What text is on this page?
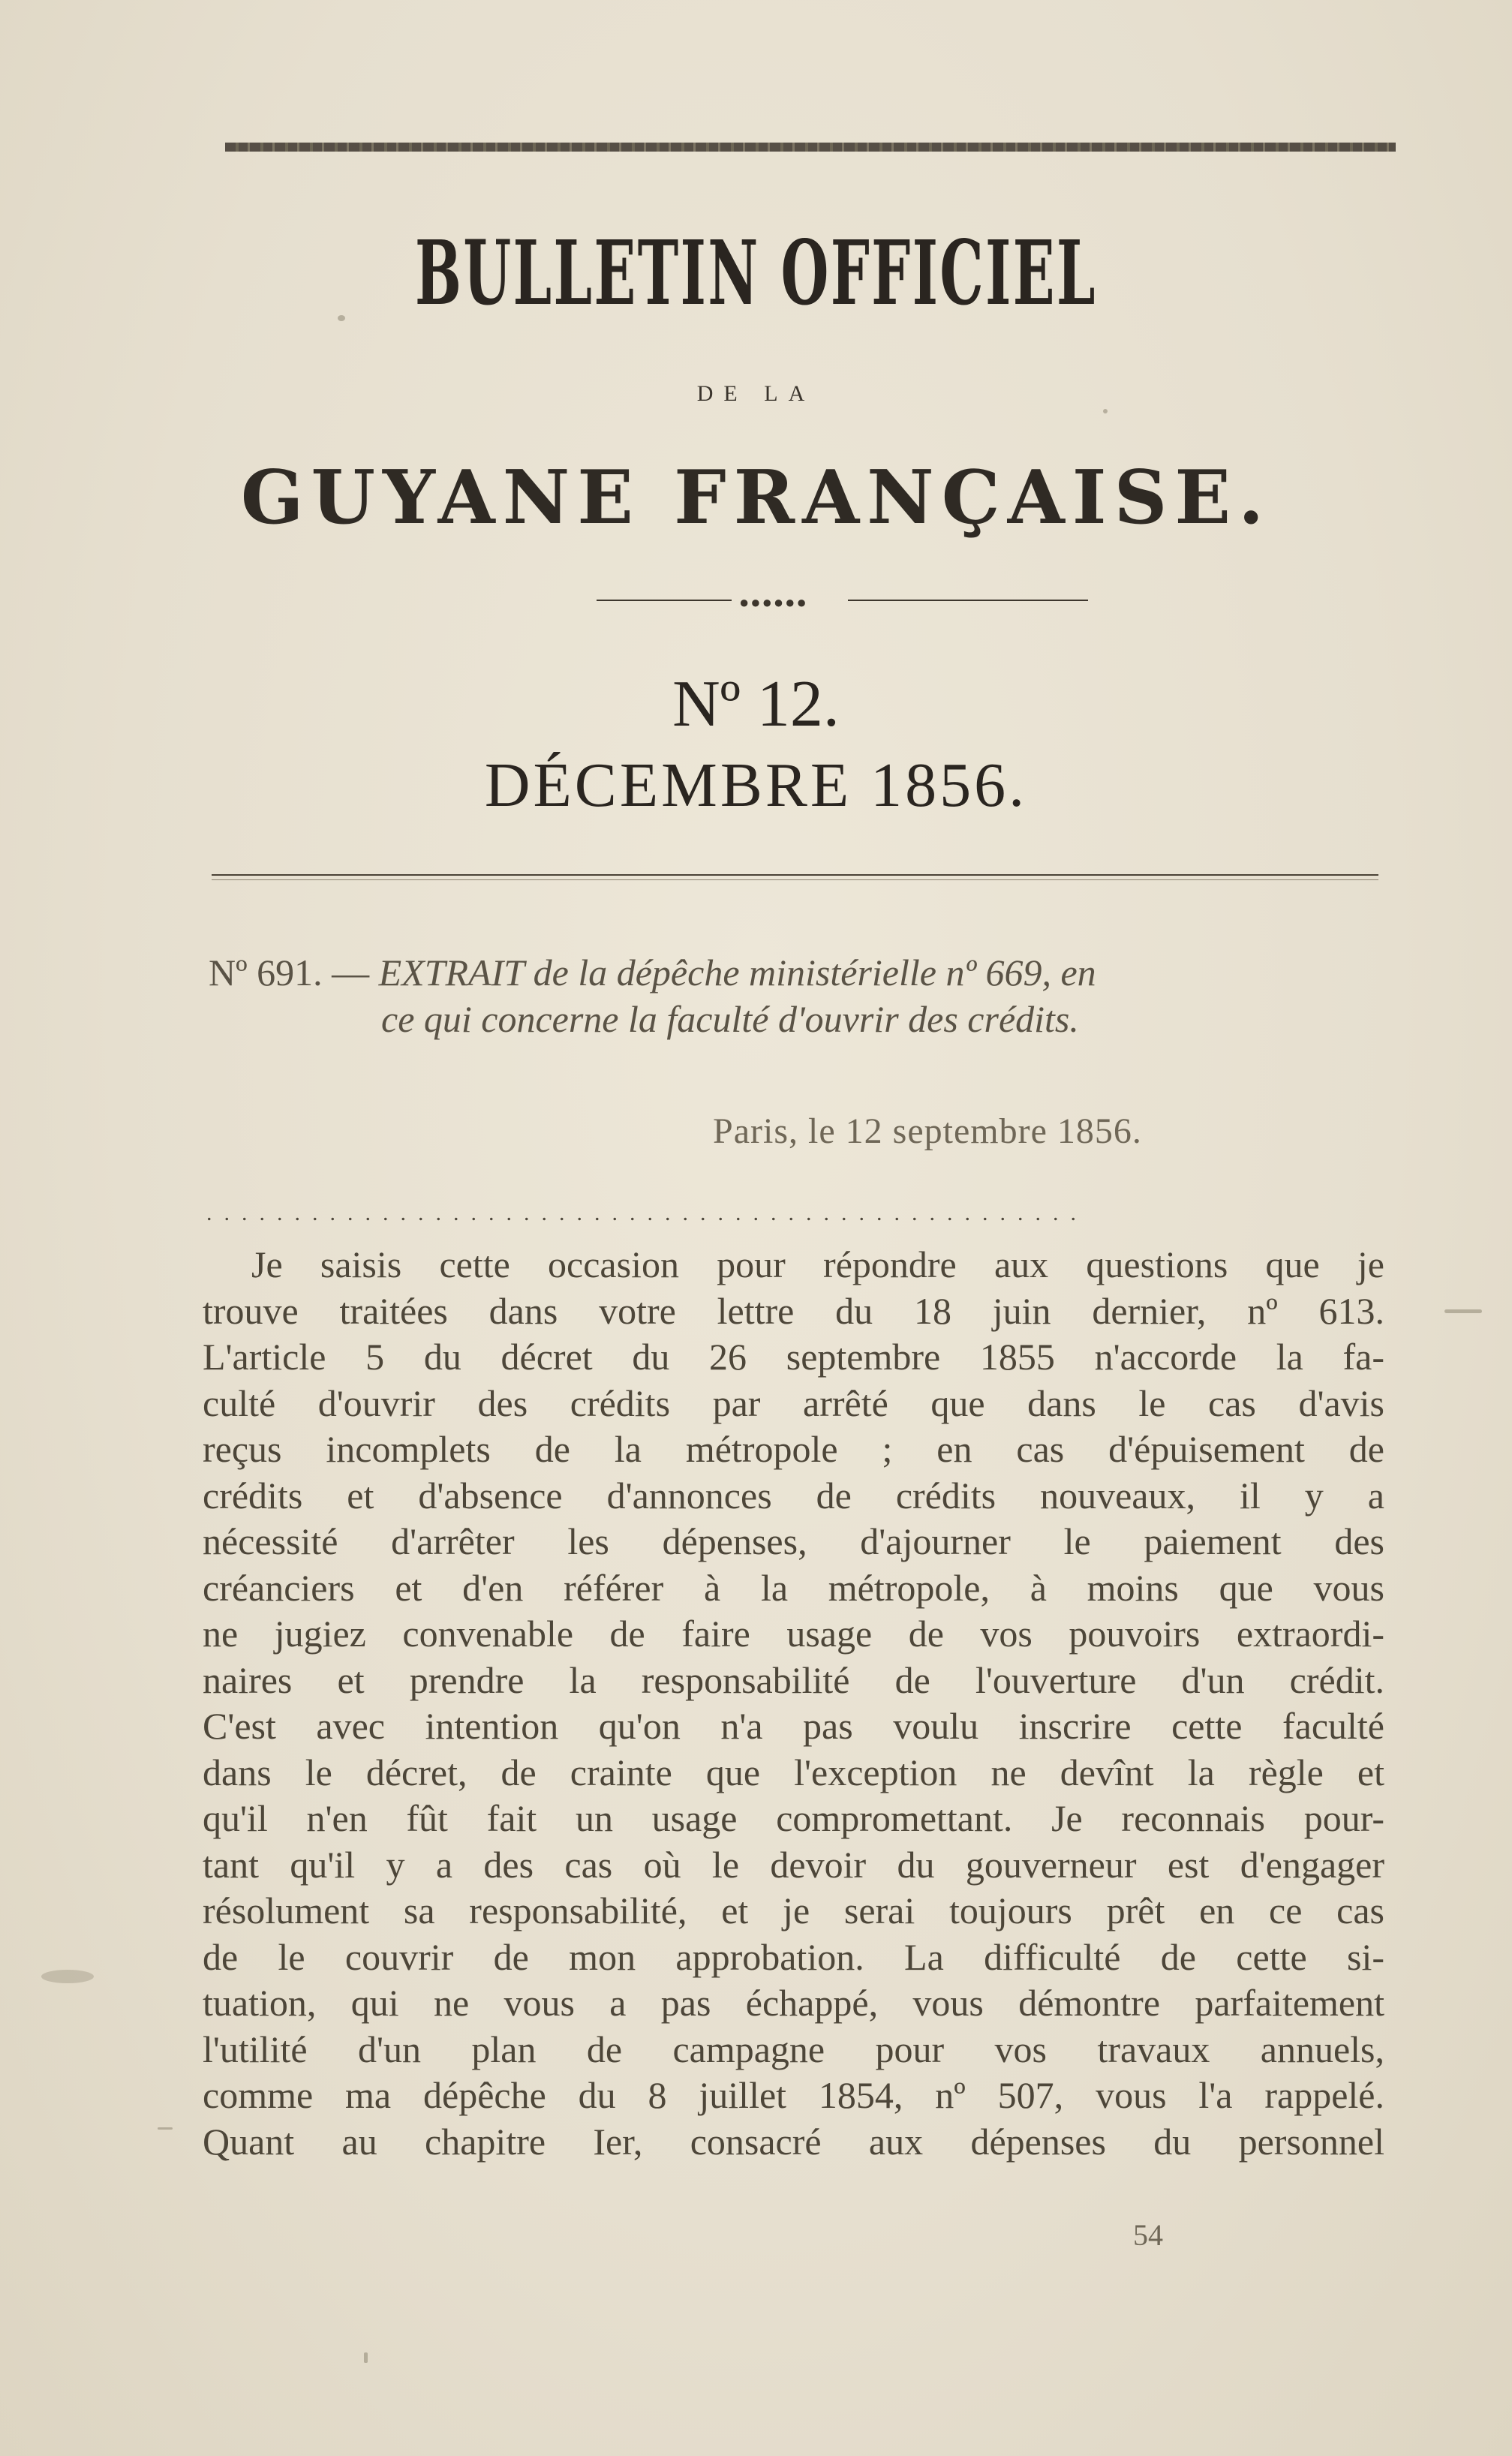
BULLETIN OFFICIEL
DE LA
GUYANE FRANÇAISE.
●●●●●●
Nº 12.
DÉCEMBRE 1856.
Nº 691. — EXTRAIT de la dépêche ministérielle nº 669, en
ce qui concerne la faculté d'ouvrir des crédits.
Paris, le 12 septembre 1856.
..................................................
Je saisis cette occasion pour répondre aux questions que je
trouve traitées dans votre lettre du 18 juin dernier, nº 613.
L'article 5 du décret du 26 septembre 1855 n'accorde la fa-
culté d'ouvrir des crédits par arrêté que dans le cas d'avis
reçus incomplets de la métropole ; en cas d'épuisement de
crédits et d'absence d'annonces de crédits nouveaux, il y a
nécessité d'arrêter les dépenses, d'ajourner le paiement des
créanciers et d'en référer à la métropole, à moins que vous
ne jugiez convenable de faire usage de vos pouvoirs extraordi-
naires et prendre la responsabilité de l'ouverture d'un crédit.
C'est avec intention qu'on n'a pas voulu inscrire cette faculté
dans le décret, de crainte que l'exception ne devînt la règle et
qu'il n'en fût fait un usage compromettant. Je reconnais pour-
tant qu'il y a des cas où le devoir du gouverneur est d'engager
résolument sa responsabilité, et je serai toujours prêt en ce cas
de le couvrir de mon approbation. La difficulté de cette si-
tuation, qui ne vous a pas échappé, vous démontre parfaitement
l'utilité d'un plan de campagne pour vos travaux annuels,
comme ma dépêche du 8 juillet 1854, nº 507, vous l'a rappelé.
Quant au chapitre Ier, consacré aux dépenses du personnel
54
